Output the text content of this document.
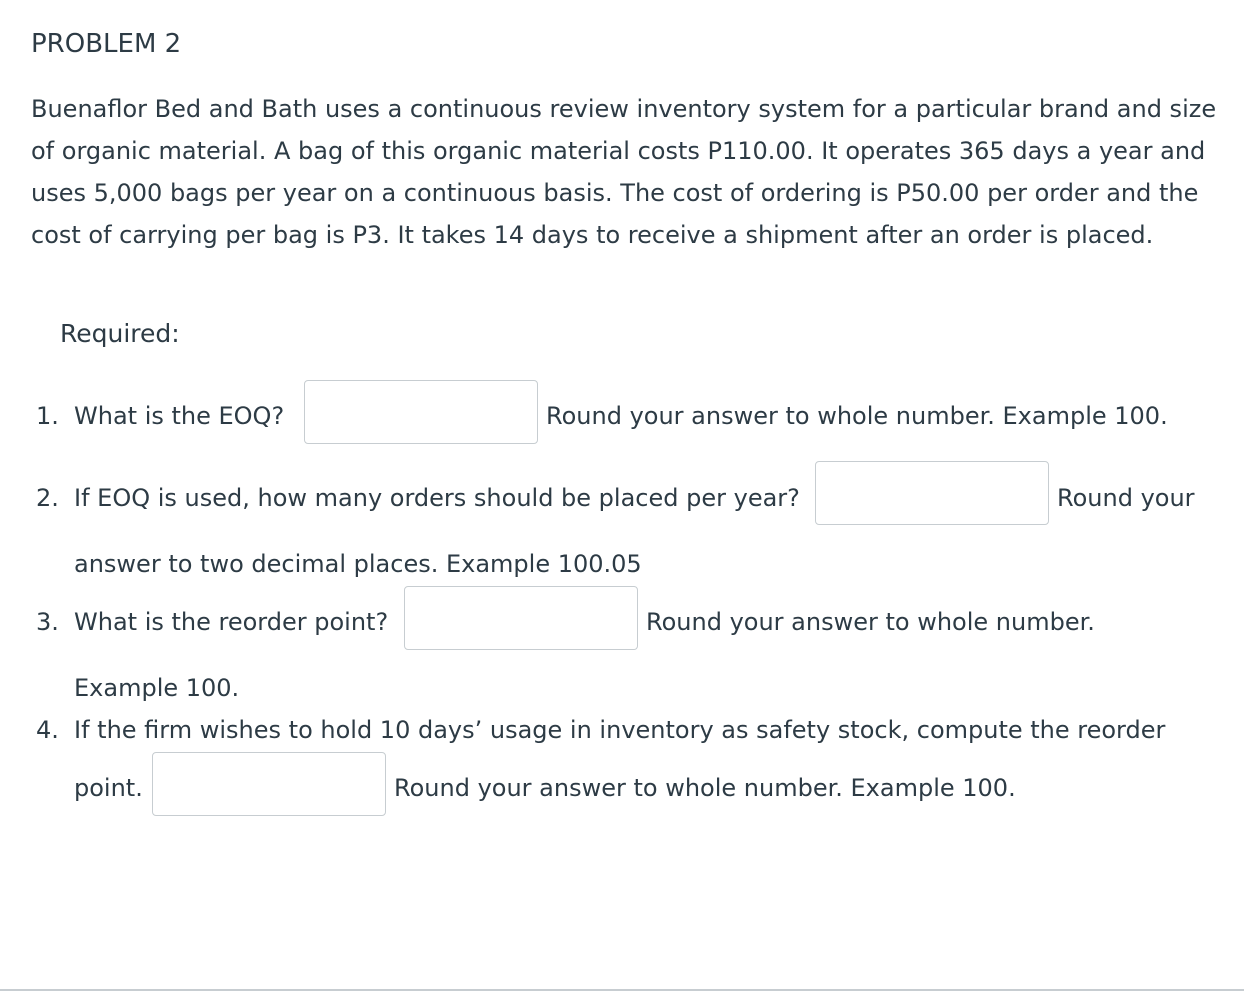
PROBLEM 2

Buenaflor Bed and Bath uses a continuous review inventory system for a particular brand and size of organic material. A bag of this organic material costs P110.00. It operates 365 days a year and uses 5,000 bags per year on a continuous basis. The cost of ordering is P50.00 per order and the cost of carrying per bag is P3. It takes 14 days to receive a shipment after an order is placed.

Required:
1. What is the EOQ?	Round your answer to whole number. Example 100.
2. If EOQ is used, how many orders should be placed per year?	Round your
answer to two decimal places. Example 100.05
3. What is the reorder point?	Round your answer to whole number.
Example 100.
4. If the firm wishes to hold 10 days’ usage in inventory as safety stock, compute the reorder
point.	Round your answer to whole number. Example 100.
